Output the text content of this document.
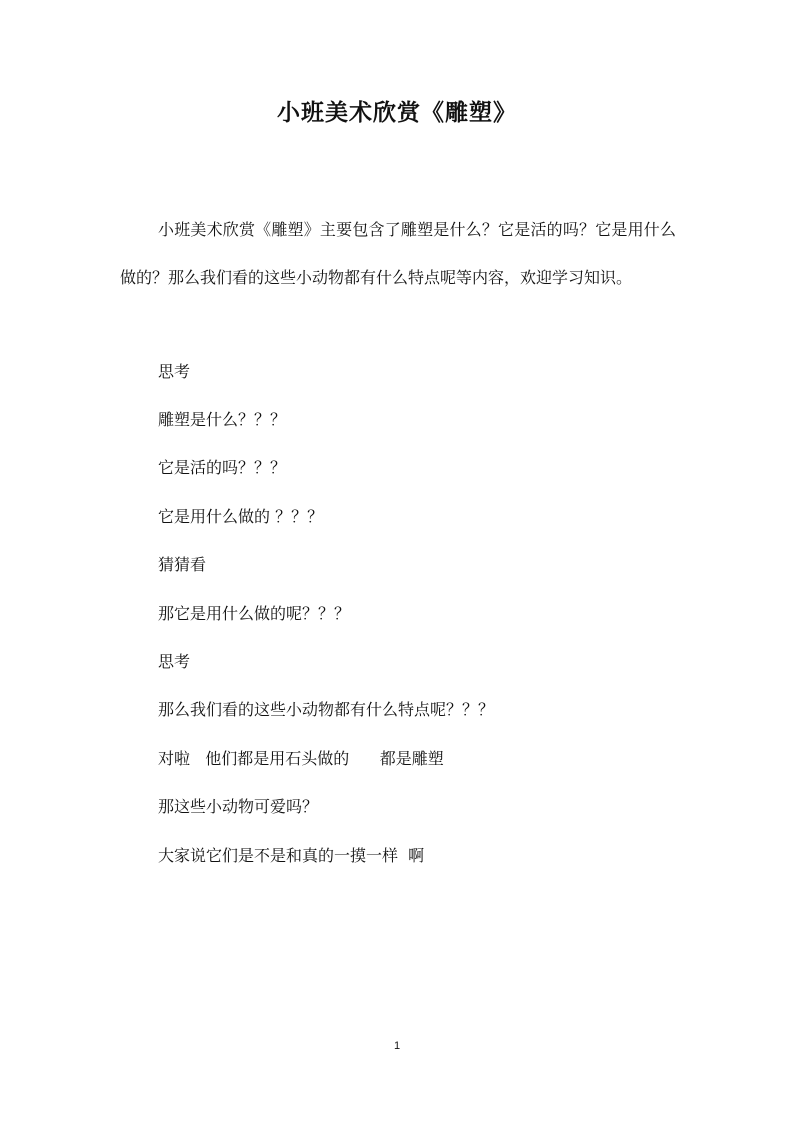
小班美术欣赏《雕塑》

小班美术欣赏《雕塑》主要包含了雕塑是什么？它是活的吗？它是用什么做的？那么我们看的这些小动物都有什么特点呢等内容，欢迎学习知识。

思考
雕塑是什么？？？
它是活的吗？？？
它是用什么做的 ？？？
猜猜看
那它是用什么做的呢？？？
思考
那么我们看的这些小动物都有什么特点呢？？？
对啦   他们都是用石头做的      都是雕塑
那这些小动物可爱吗？
大家说它们是不是和真的一摸一样  啊
1
